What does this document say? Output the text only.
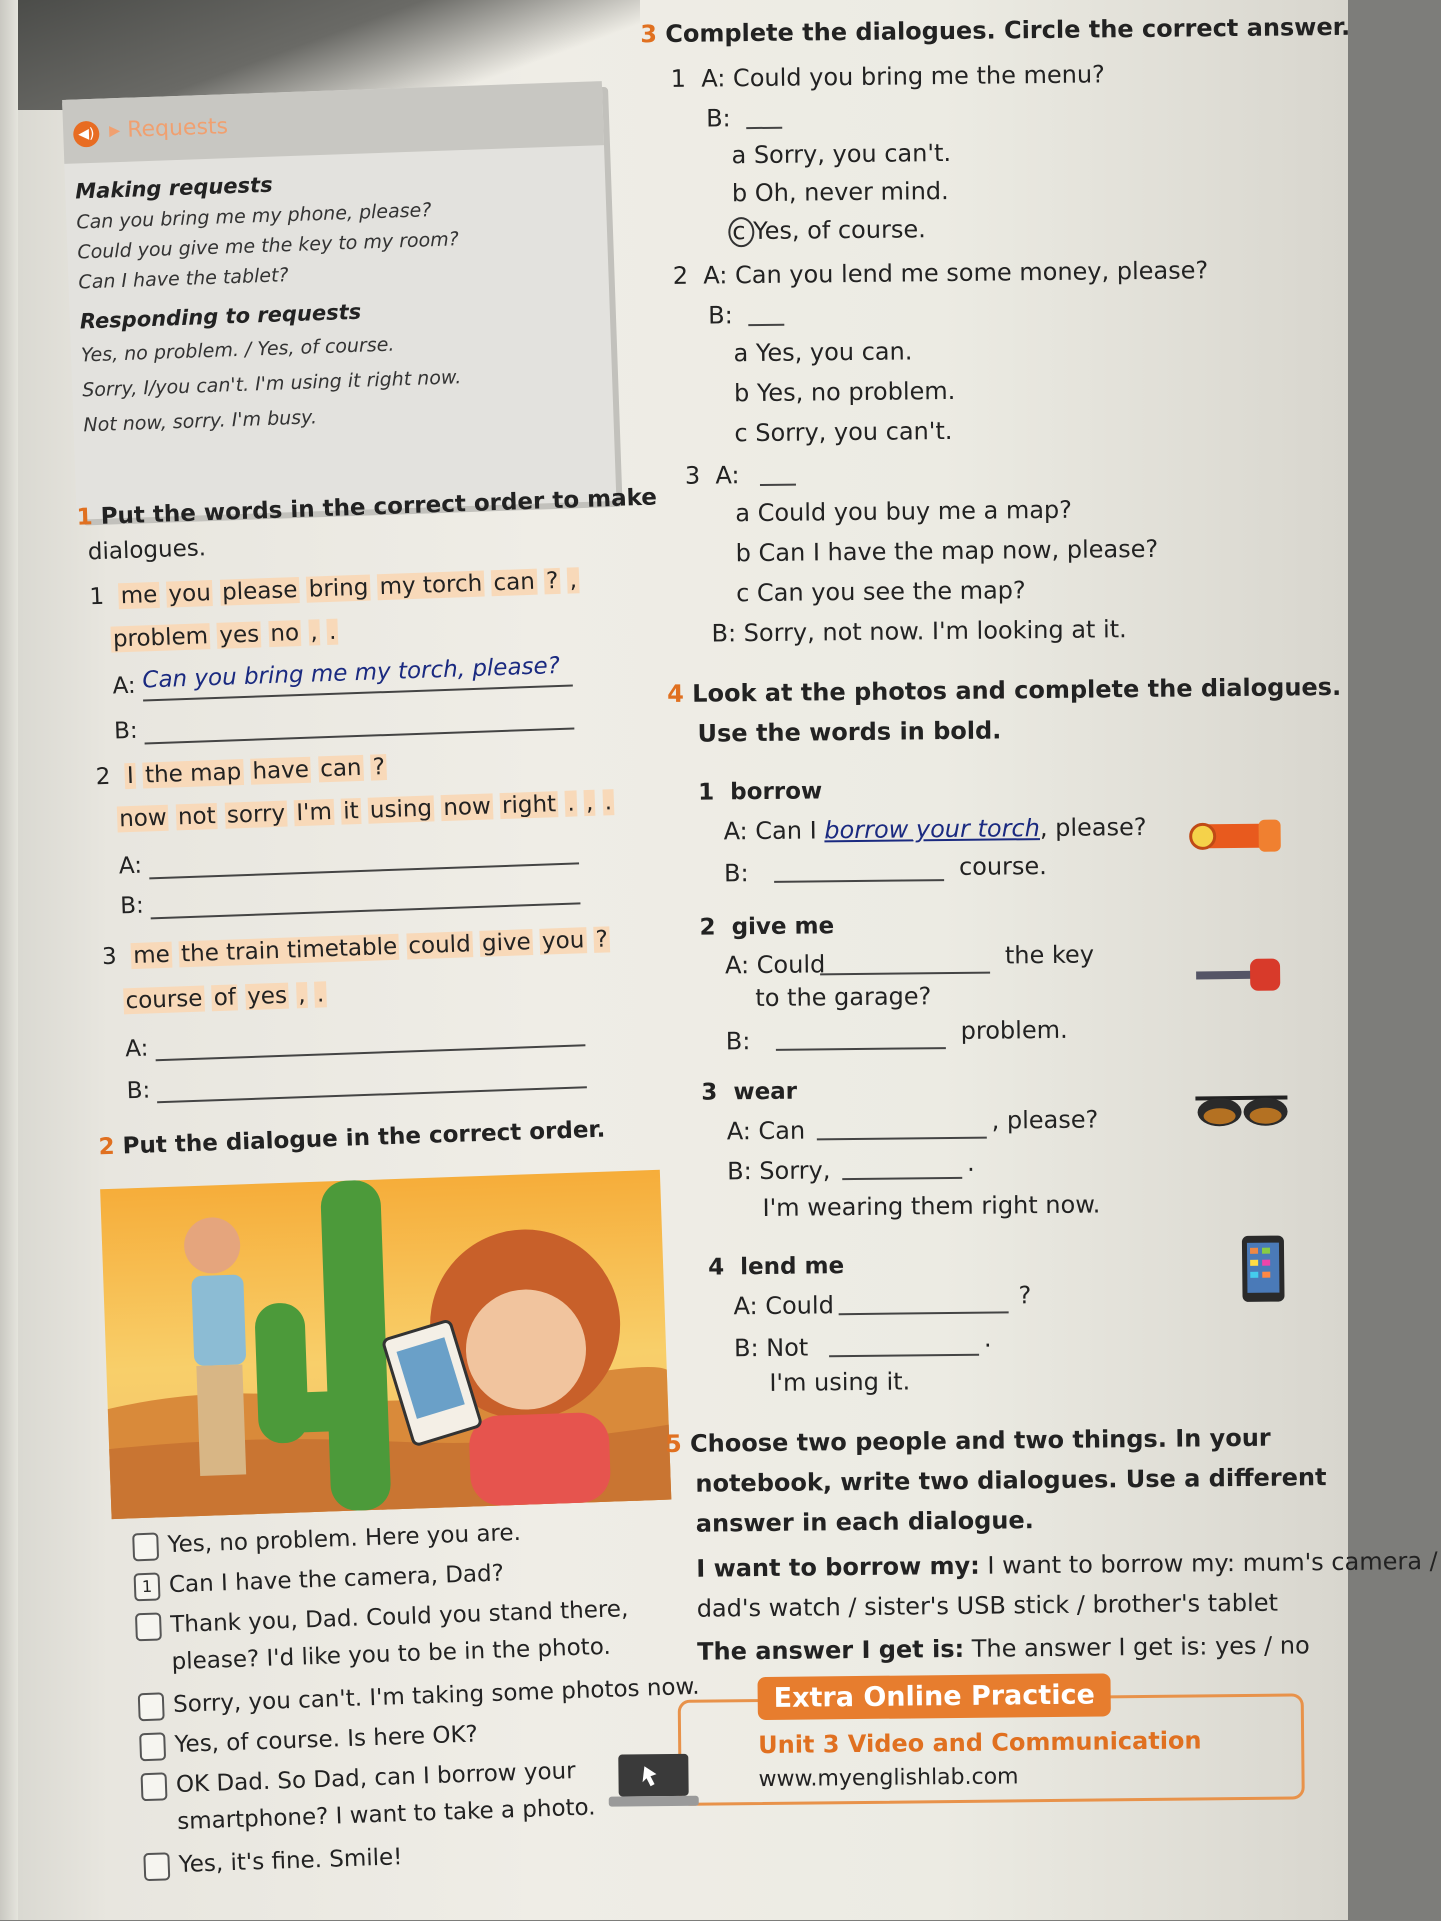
◀) ▸ Requests
Making requests
Can you bring me my phone, please?
Could you give me the key to my room?
Can I have the tablet?
Responding to requests
Yes, no problem. / Yes, of course.
Sorry, I/you can't. I'm using it right now.
Not now, sorry. I'm busy.
1 Put the words in the correct order to make
dialogues.
1 me you please bring my torch can ? ,
problem yes no , .
A: Can you bring me my torch, please?
B:
2 I the map have can ?
now not sorry I'm it using now right . , .
A:
B:
3 me the train timetable could give you ?
course of yes , .
A:
B:
2 Put the dialogue in the correct order.
Yes, no problem. Here you are.
1 Can I have the camera, Dad?
Thank you, Dad. Could you stand there,
please? I'd like you to be in the photo.
Sorry, you can't. I'm taking some photos now.
Yes, of course. Is here OK?
OK Dad. So Dad, can I borrow your
smartphone? I want to take a photo.
Yes, it's fine. Smile!
3 Complete the dialogues. Circle the correct answer.
1 A: Could you bring me the menu?
B:
a Sorry, you can't.
b Oh, never mind.
c Yes, of course.
2 A: Can you lend me some money, please?
B:
a Yes, you can.
b Yes, no problem.
c Sorry, you can't.
3 A:
a Could you buy me a map?
b Can I have the map now, please?
c Can you see the map?
B: Sorry, not now. I'm looking at it.
4 Look at the photos and complete the dialogues.
Use the words in bold.
1 borrow
A: Can I borrow your torch, please?
B:	course.
2 give me
A: Could	the key
to the garage?
B:	problem.
3 wear
A: Can	, please?
B: Sorry,	.
I'm wearing them right now.
4 lend me
A: Could	?
B: Not	.
I'm using it.
5 Choose two people and two things. In your
notebook, write two dialogues. Use a different
answer in each dialogue.
I want to borrow my: I want to borrow my: mum's camera /
dad's watch / sister's USB stick / brother's tablet
The answer I get is: The answer I get is: yes / no
Extra Online Practice
Unit 3 Video and Communication
www.myenglishlab.com
